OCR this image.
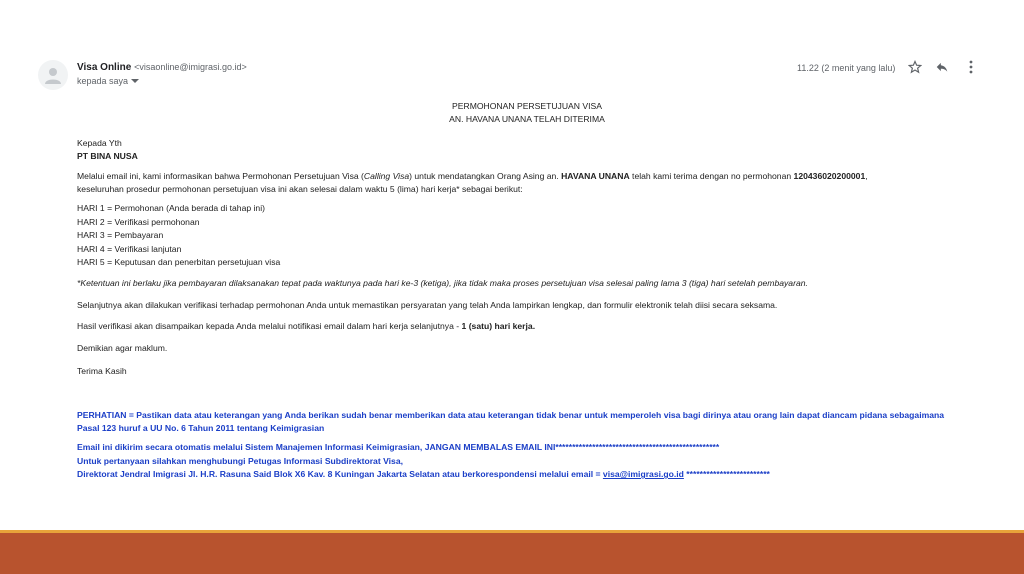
Visa Online <visaonline@imigrasi.go.id>
kepada saya
11.22 (2 menit yang lalu)

PERMOHONAN PERSETUJUAN VISA

AN. HAVANA UNANA TELAH DITERIMA

Kepada Yth

PT BINA NUSA

Melalui email ini, kami informasikan bahwa Permohonan Persetujuan Visa (Calling Visa) untuk mendatangkan Orang Asing an. HAVANA UNANA telah kami terima dengan no permohonan 120436020200001,

keseluruhan prosedur permohonan persetujuan visa ini akan selesai dalam waktu 5 (lima) hari kerja* sebagai berikut:

HARI 1 = Permohonan (Anda berada di tahap ini)

HARI 2 = Verifikasi permohonan

HARI 3 = Pembayaran

HARI 4 = Verifikasi lanjutan

HARI 5 = Keputusan dan penerbitan persetujuan visa

*Ketentuan ini berlaku jika pembayaran dilaksanakan tepat pada waktunya pada hari ke-3 (ketiga), jika tidak maka proses persetujuan visa selesai paling lama 3 (tiga) hari setelah pembayaran.

Selanjutnya akan dilakukan verifikasi terhadap permohonan Anda untuk memastikan persyaratan yang telah Anda lampirkan lengkap, dan formulir elektronik telah diisi secara seksama.

Hasil verifikasi akan disampaikan kepada Anda melalui notifikasi email dalam hari kerja selanjutnya - 1 (satu) hari kerja.

Demikian agar maklum.

Terima Kasih

PERHATIAN = Pastikan data atau keterangan yang Anda berikan sudah benar memberikan data atau keterangan tidak benar untuk memperoleh visa bagi dirinya atau orang lain dapat diancam pidana sebagaimana

Pasal 123 huruf a UU No. 6 Tahun 2011 tentang Keimigrasian

Email ini dikirim secara otomatis melalui Sistem Manajemen Informasi Keimigrasian, JANGAN MEMBALAS EMAIL INI*************************************************

Untuk pertanyaan silahkan menghubungi Petugas Informasi Subdirektorat Visa,

Direktorat Jendral Imigrasi Jl. H.R. Rasuna Said Blok X6 Kav. 8 Kuningan Jakarta Selatan atau berkorespondensi melalui email = visa@imigrasi.go.id *************************
